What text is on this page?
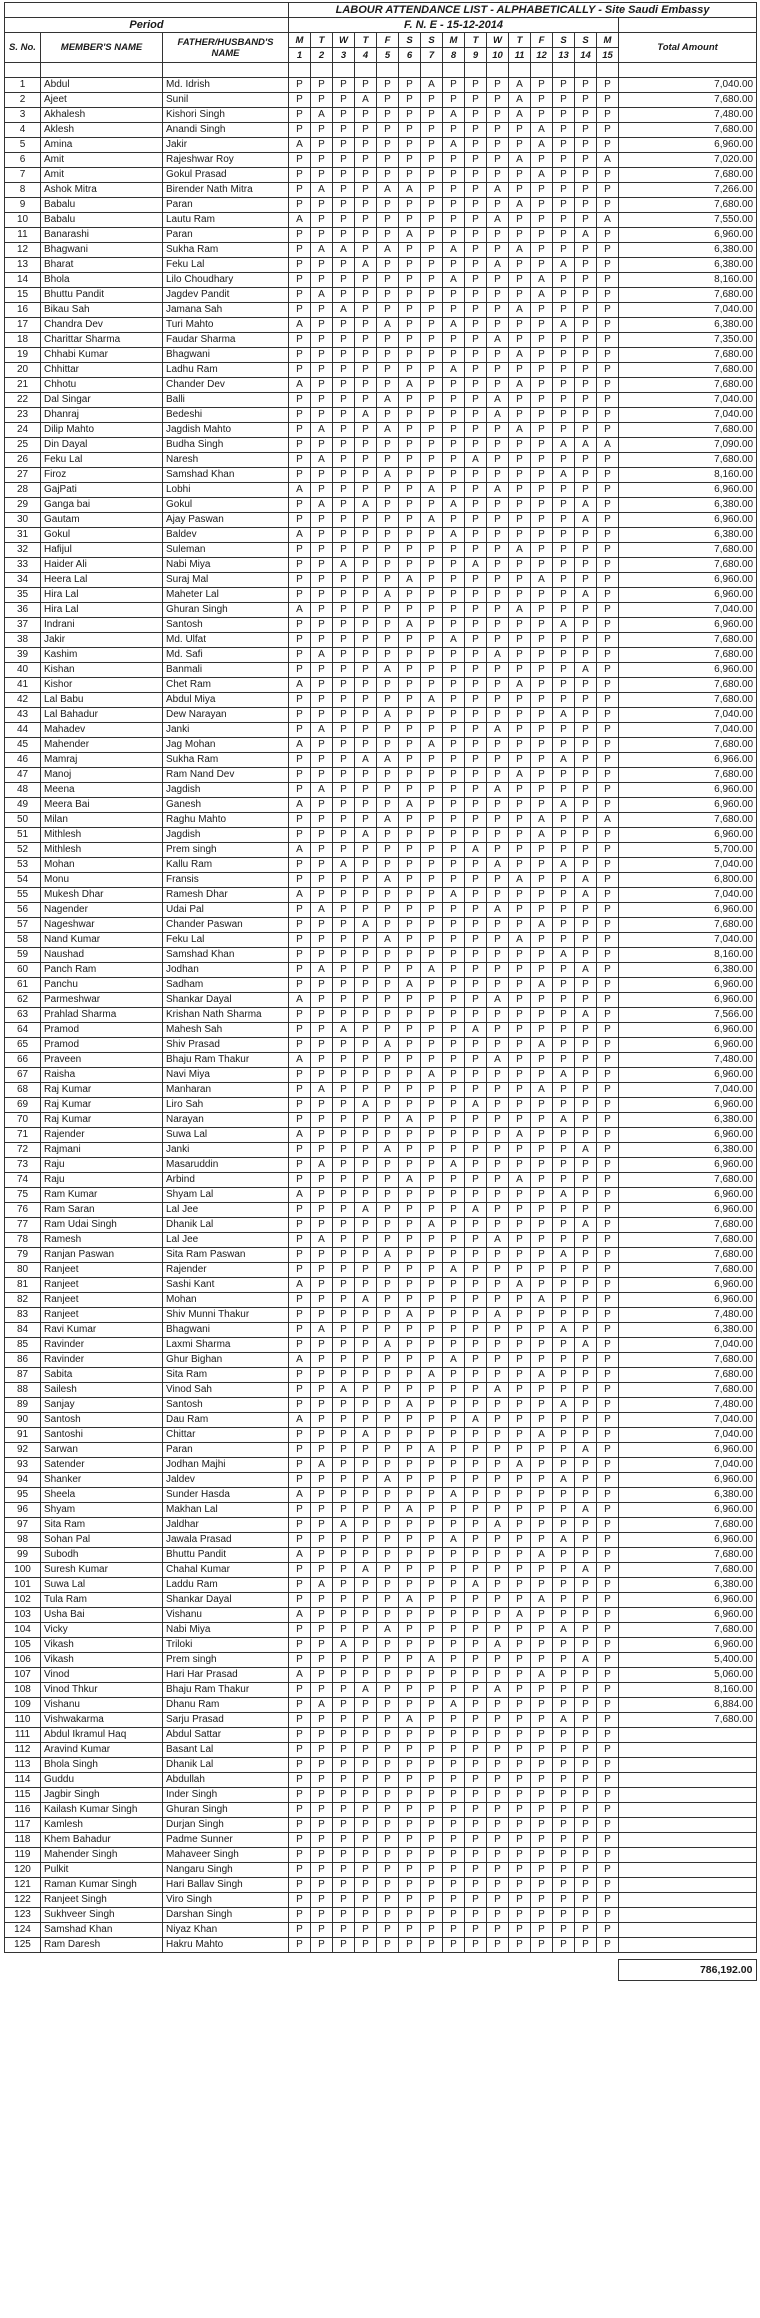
			LABOUR ATTENDANCE LIST - ALPHABETICALLY - Site Saudi Embassy															
Period			F. N. E - 15-12-2014															
S. No.	MEMBER'S NAME	FATHER/HUSBAND'S NAME	M	T	W	T	F	S	S	M	T	W	T	F	S	S	M	Total Amount
			1	2	3	4	5	6	7	8	9	10	11	12	13	14	15	

1	Abdul	Md. Idrish	P	P	P	P	P	P	A	P	P	P	A	P	P	P	P	7,040.00
2	Ajeet	Sunil	P	P	P	A	P	P	P	P	P	P	A	P	P	P	P	7,680.00
3	Akhalesh	Kishori Singh	P	A	P	P	P	P	P	A	P	P	A	P	P	P	P	7,480.00
4	Aklesh	Anandi Singh	P	P	P	P	P	P	P	P	P	P	P	A	P	P	P	7,680.00
5	Amina	Jakir	A	P	P	P	P	P	P	A	P	P	P	A	P	P	P	6,960.00
6	Amit	Rajeshwar Roy	P	P	P	P	P	P	P	P	P	P	A	P	P	P	A	7,020.00
7	Amit	Gokul Prasad	P	P	P	P	P	P	P	P	P	P	P	A	P	P	P	7,680.00
8	Ashok Mitra	Birender Nath Mitra	P	A	P	P	A	A	P	P	P	A	P	P	P	P	P	7,266.00
9	Babalu	Paran	P	P	P	P	P	P	P	P	P	P	A	P	P	P	P	7,680.00
10	Babalu	Lautu Ram	A	P	P	P	P	P	P	P	P	A	P	P	P	P	A	7,550.00
11	Banarashi	Paran	P	P	P	P	P	A	P	P	P	P	P	P	P	A	P	6,960.00
12	Bhagwani	Sukha Ram	P	A	A	P	A	P	P	A	P	P	A	P	P	P	P	6,380.00
13	Bharat	Feku Lal	P	P	P	A	P	P	P	P	P	A	P	P	A	P	P	6,380.00
14	Bhola	Lilo Choudhary	P	P	P	P	P	P	P	A	P	P	P	A	P	P	P	8,160.00
15	Bhuttu Pandit	Jagdev Pandit	P	A	P	P	P	P	P	P	P	P	P	A	P	P	P	7,680.00
16	Bikau Sah	Jamana Sah	P	P	A	P	P	P	P	P	P	P	A	P	P	P	P	7,040.00
17	Chandra Dev	Turi Mahto	A	P	P	P	A	P	P	A	P	P	P	P	A	P	P	6,380.00
18	Charittar Sharma	Faudar Sharma	P	P	P	P	P	P	P	P	P	A	P	P	P	P	P	7,350.00
19	Chhabi Kumar	Bhagwani	P	P	P	P	P	P	P	P	P	P	A	P	P	P	P	7,680.00
20	Chhittar	Ladhu Ram	P	P	P	P	P	P	P	A	P	P	P	P	P	P	P	7,680.00
21	Chhotu	Chander Dev	A	P	P	P	P	A	P	P	P	P	A	P	P	P	P	7,680.00
22	Dal Singar	Balli	P	P	P	P	A	P	P	P	P	A	P	P	P	P	P	7,040.00
23	Dhanraj	Bedeshi	P	P	P	A	P	P	P	P	P	A	P	P	P	P	P	7,040.00
24	Dilip Mahto	Jagdish Mahto	P	A	P	P	A	P	P	P	P	P	A	P	P	P	P	7,680.00
25	Din Dayal	Budha Singh	P	P	P	P	P	P	P	P	P	P	P	P	A	A	A	7,090.00
26	Feku Lal	Naresh	P	A	P	P	P	P	P	P	A	P	P	P	P	P	P	7,680.00
27	Firoz	Samshad Khan	P	P	P	P	A	P	P	P	P	P	P	P	A	P	P	8,160.00
28	GajPati	Lobhi	A	P	P	P	P	P	A	P	P	A	P	P	P	P	P	6,960.00
29	Ganga bai	Gokul	P	A	P	A	P	P	P	A	P	P	P	P	P	A	P	6,380.00
30	Gautam	Ajay Paswan	P	P	P	P	P	P	A	P	P	P	P	P	P	A	P	6,960.00
31	Gokul	Baldev	A	P	P	P	P	P	P	A	P	P	P	P	P	P	P	6,380.00
32	Hafijul	Suleman	P	P	P	P	P	P	P	P	P	P	A	P	P	P	P	7,680.00
33	Haider Ali	Nabi Miya	P	P	A	P	P	P	P	P	A	P	P	P	P	P	P	7,680.00
34	Heera Lal	Suraj Mal	P	P	P	P	P	A	P	P	P	P	P	A	P	P	P	6,960.00
35	Hira Lal	Maheter Lal	P	P	P	P	A	P	P	P	P	P	P	P	P	A	P	6,960.00
36	Hira Lal	Ghuran Singh	A	P	P	P	P	P	P	P	P	P	A	P	P	P	P	7,040.00
37	Indrani	Santosh	P	P	P	P	P	A	P	P	P	P	P	P	A	P	P	6,960.00
38	Jakir	Md. Ulfat	P	P	P	P	P	P	P	A	P	P	P	P	P	P	P	7,680.00
39	Kashim	Md. Safi	P	A	P	P	P	P	P	P	P	A	P	P	P	P	P	7,680.00
40	Kishan	Banmali	P	P	P	P	A	P	P	P	P	P	P	P	P	A	P	6,960.00
41	Kishor	Chet Ram	A	P	P	P	P	P	P	P	P	P	A	P	P	P	P	7,680.00
42	Lal Babu	Abdul Miya	P	P	P	P	P	P	A	P	P	P	P	P	P	P	P	7,680.00
43	Lal Bahadur	Dew Narayan	P	P	P	P	A	P	P	P	P	P	P	P	A	P	P	7,040.00
44	Mahadev	Janki	P	A	P	P	P	P	P	P	P	A	P	P	P	P	P	7,040.00
45	Mahender	Jag Mohan	A	P	P	P	P	P	A	P	P	P	P	P	P	P	P	7,680.00
46	Mamraj	Sukha Ram	P	P	P	A	A	P	P	P	P	P	P	P	A	P	P	6,966.00
47	Manoj	Ram Nand Dev	P	P	P	P	P	P	P	P	P	P	A	P	P	P	P	7,680.00
48	Meena	Jagdish	P	A	P	P	P	P	P	P	P	A	P	P	P	P	P	6,960.00
49	Meera Bai	Ganesh	A	P	P	P	P	A	P	P	P	P	P	P	A	P	P	6,960.00
50	Milan	Raghu Mahto	P	P	P	P	A	P	P	P	P	P	P	A	P	P	A	7,680.00
51	Mithlesh	Jagdish	P	P	P	A	P	P	P	P	P	P	P	A	P	P	P	6,960.00
52	Mithlesh	Prem singh	A	P	P	P	P	P	P	P	A	P	P	P	P	P	P	5,700.00
53	Mohan	Kallu Ram	P	P	A	P	P	P	P	P	P	A	P	P	A	P	P	7,040.00
54	Monu	Fransis	P	P	P	P	A	P	P	P	P	P	A	P	P	A	P	6,800.00
55	Mukesh Dhar	Ramesh Dhar	A	P	P	P	P	P	P	A	P	P	P	P	P	A	P	7,040.00
56	Nagender	Udai Pal	P	A	P	P	P	P	P	P	P	A	P	P	P	P	P	6,960.00
57	Nageshwar	Chander Paswan	P	P	P	A	P	P	P	P	P	P	P	A	P	P	P	7,680.00
58	Nand Kumar	Feku Lal	P	P	P	P	A	P	P	P	P	P	A	P	P	P	P	7,040.00
59	Naushad	Samshad Khan	P	P	P	P	P	P	P	P	P	P	P	P	A	P	P	8,160.00
60	Panch Ram	Jodhan	P	A	P	P	P	P	A	P	P	P	P	P	P	A	P	6,380.00
61	Panchu	Sadham	P	P	P	P	P	A	P	P	P	P	P	A	P	P	P	6,960.00
62	Parmeshwar	Shankar Dayal	A	P	P	P	P	P	P	P	P	A	P	P	P	P	P	6,960.00
63	Prahlad Sharma	Krishan Nath Sharma	P	P	P	P	P	P	P	P	P	P	P	P	P	A	P	7,566.00
64	Pramod	Mahesh Sah	P	P	A	P	P	P	P	P	A	P	P	P	P	P	P	6,960.00
65	Pramod	Shiv Prasad	P	P	P	P	A	P	P	P	P	P	P	A	P	P	P	6,960.00
66	Praveen	Bhaju Ram Thakur	A	P	P	P	P	P	P	P	P	A	P	P	P	P	P	7,480.00
67	Raisha	Navi Miya	P	P	P	P	P	P	A	P	P	P	P	P	A	P	P	6,960.00
68	Raj Kumar	Manharan	P	A	P	P	P	P	P	P	P	P	P	A	P	P	P	7,040.00
69	Raj Kumar	Liro Sah	P	P	P	A	P	P	P	P	A	P	P	P	P	P	P	6,960.00
70	Raj Kumar	Narayan	P	P	P	P	P	A	P	P	P	P	P	P	A	P	P	6,380.00
71	Rajender	Suwa Lal	A	P	P	P	P	P	P	P	P	P	A	P	P	P	P	6,960.00
72	Rajmani	Janki	P	P	P	P	A	P	P	P	P	P	P	P	P	A	P	6,380.00
73	Raju	Masaruddin	P	A	P	P	P	P	P	A	P	P	P	P	P	P	P	6,960.00
74	Raju	Arbind	P	P	P	P	P	A	P	P	P	P	A	P	P	P	P	7,680.00
75	Ram Kumar	Shyam Lal	A	P	P	P	P	P	P	P	P	P	P	P	A	P	P	6,960.00
76	Ram Saran	Lal Jee	P	P	P	A	P	P	P	P	A	P	P	P	P	P	P	6,960.00
77	Ram Udai Singh	Dhanik Lal	P	P	P	P	P	P	A	P	P	P	P	P	P	A	P	7,680.00
78	Ramesh	Lal Jee	P	A	P	P	P	P	P	P	P	A	P	P	P	P	P	7,680.00
79	Ranjan Paswan	Sita Ram Paswan	P	P	P	P	A	P	P	P	P	P	P	P	A	P	P	7,680.00
80	Ranjeet	Rajender	P	P	P	P	P	P	P	A	P	P	P	P	P	P	P	7,680.00
81	Ranjeet	Sashi Kant	A	P	P	P	P	P	P	P	P	P	A	P	P	P	P	6,960.00
82	Ranjeet	Mohan	P	P	P	A	P	P	P	P	P	P	P	A	P	P	P	6,960.00
83	Ranjeet	Shiv Munni Thakur	P	P	P	P	P	A	P	P	P	A	P	P	P	P	P	7,480.00
84	Ravi Kumar	Bhagwani	P	A	P	P	P	P	P	P	P	P	P	P	A	P	P	6,380.00
85	Ravinder	Laxmi Sharma	P	P	P	P	A	P	P	P	P	P	P	P	P	A	P	7,040.00
86	Ravinder	Ghur Bighan	A	P	P	P	P	P	P	A	P	P	P	P	P	P	P	7,680.00
87	Sabita	Sita Ram	P	P	P	P	P	P	A	P	P	P	P	A	P	P	P	7,680.00
88	Sailesh	Vinod Sah	P	P	A	P	P	P	P	P	P	A	P	P	P	P	P	7,680.00
89	Sanjay	Santosh	P	P	P	P	P	A	P	P	P	P	P	P	A	P	P	7,480.00
90	Santosh	Dau Ram	A	P	P	P	P	P	P	P	A	P	P	P	P	P	P	7,040.00
91	Santoshi	Chittar	P	P	P	A	P	P	P	P	P	P	P	A	P	P	P	7,040.00
92	Sarwan	Paran	P	P	P	P	P	P	A	P	P	P	P	P	P	A	P	6,960.00
93	Satender	Jodhan Majhi	P	A	P	P	P	P	P	P	P	P	A	P	P	P	P	7,040.00
94	Shanker	Jaldev	P	P	P	P	A	P	P	P	P	P	P	P	A	P	P	6,960.00
95	Sheela	Sunder Hasda	A	P	P	P	P	P	P	A	P	P	P	P	P	P	P	6,380.00
96	Shyam	Makhan Lal	P	P	P	P	P	A	P	P	P	P	P	P	P	A	P	6,960.00
97	Sita Ram	Jaldhar	P	P	A	P	P	P	P	P	P	A	P	P	P	P	P	7,680.00
98	Sohan Pal	Jawala Prasad	P	P	P	P	P	P	P	A	P	P	P	P	A	P	P	6,960.00
99	Subodh	Bhuttu Pandit	A	P	P	P	P	P	P	P	P	P	P	A	P	P	P	7,680.00
100	Suresh Kumar	Chahal Kumar	P	P	P	A	P	P	P	P	P	P	P	P	P	A	P	7,680.00
101	Suwa Lal	Laddu Ram	P	A	P	P	P	P	P	P	A	P	P	P	P	P	P	6,380.00
102	Tula Ram	Shankar Dayal	P	P	P	P	P	A	P	P	P	P	P	A	P	P	P	6,960.00
103	Usha Bai	Vishanu	A	P	P	P	P	P	P	P	P	P	A	P	P	P	P	6,960.00
104	Vicky	Nabi Miya	P	P	P	P	A	P	P	P	P	P	P	P	A	P	P	7,680.00
105	Vikash	Triloki	P	P	A	P	P	P	P	P	P	A	P	P	P	P	P	6,960.00
106	Vikash	Prem singh	P	P	P	P	P	P	A	P	P	P	P	P	P	A	P	5,400.00
107	Vinod	Hari Har Prasad	A	P	P	P	P	P	P	P	P	P	P	A	P	P	P	5,060.00
108	Vinod Thkur	Bhaju Ram Thakur	P	P	P	A	P	P	P	P	P	A	P	P	P	P	P	8,160.00
109	Vishanu	Dhanu Ram	P	A	P	P	P	P	P	A	P	P	P	P	P	P	P	6,884.00
110	Vishwakarma	Sarju Prasad	P	P	P	P	P	A	P	P	P	P	P	P	A	P	P	7,680.00
111	Abdul Ikramul Haq	Abdul Sattar	P	P	P	P	P	P	P	P	P	P	P	P	P	P	P	
112	Aravind Kumar	Basant Lal	P	P	P	P	P	P	P	P	P	P	P	P	P	P	P	
113	Bhola Singh	Dhanik Lal	P	P	P	P	P	P	P	P	P	P	P	P	P	P	P	
114	Guddu	Abdullah	P	P	P	P	P	P	P	P	P	P	P	P	P	P	P	
115	Jagbir Singh	Inder Singh	P	P	P	P	P	P	P	P	P	P	P	P	P	P	P	
116	Kailash Kumar Singh	Ghuran Singh	P	P	P	P	P	P	P	P	P	P	P	P	P	P	P	
117	Kamlesh	Durjan Singh	P	P	P	P	P	P	P	P	P	P	P	P	P	P	P	
118	Khem Bahadur	Padme Sunner	P	P	P	P	P	P	P	P	P	P	P	P	P	P	P	
119	Mahender Singh	Mahaveer Singh	P	P	P	P	P	P	P	P	P	P	P	P	P	P	P	
120	Pulkit	Nangaru Singh	P	P	P	P	P	P	P	P	P	P	P	P	P	P	P	
121	Raman Kumar Singh	Hari Ballav Singh	P	P	P	P	P	P	P	P	P	P	P	P	P	P	P	
122	Ranjeet Singh	Viro Singh	P	P	P	P	P	P	P	P	P	P	P	P	P	P	P	
123	Sukhveer Singh	Darshan Singh	P	P	P	P	P	P	P	P	P	P	P	P	P	P	P	
124	Samshad Khan	Niyaz Khan	P	P	P	P	P	P	P	P	P	P	P	P	P	P	P	
125	Ram Daresh	Hakru Mahto	P	P	P	P	P	P	P	P	P	P	P	P	P	P	P	
	786,192.00
